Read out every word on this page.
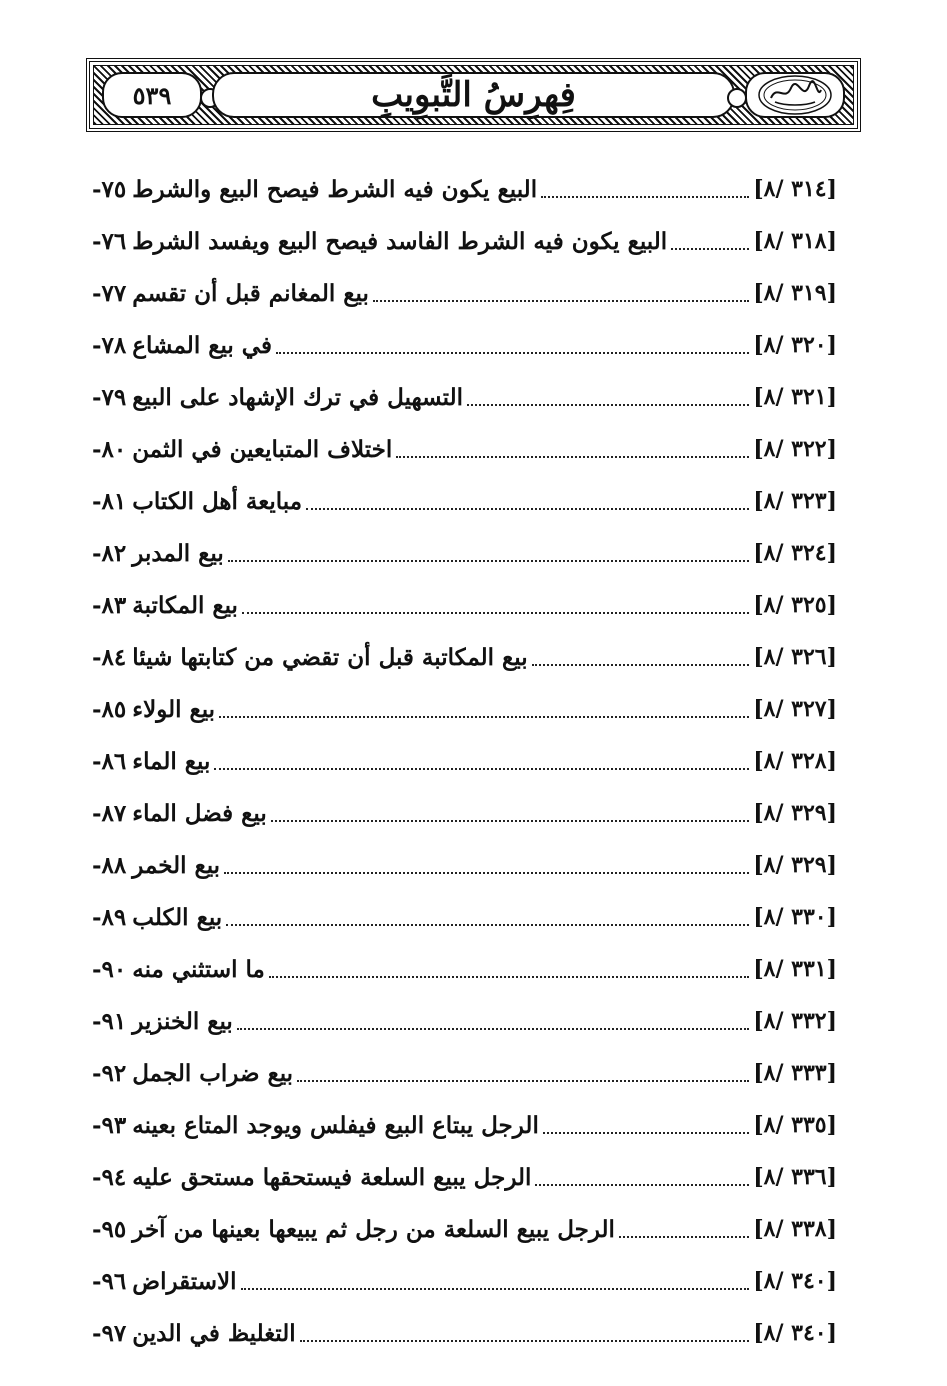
٥٣٩	فِهرِسُ التَّبوِيبِ
٧٥- البيع يكون فيه الشرط فيصح البيع والشرط	[٨/ ٣١٤]
٧٦- البيع يكون فيه الشرط الفاسد فيصح البيع ويفسد الشرط	[٨/ ٣١٨]
٧٧- بيع المغانم قبل أن تقسم	[٨/ ٣١٩]
٧٨- في بيع المشاع	[٨/ ٣٢٠]
٧٩- التسهيل في ترك الإشهاد على البيع	[٨/ ٣٢١]
٨٠- اختلاف المتبايعين في الثمن	[٨/ ٣٢٢]
٨١- مبايعة أهل الكتاب	[٨/ ٣٢٣]
٨٢- بيع المدبر	[٨/ ٣٢٤]
٨٣- بيع المكاتبة	[٨/ ٣٢٥]
٨٤- بيع المكاتبة قبل أن تقضي من كتابتها شيئا	[٨/ ٣٢٦]
٨٥- بيع الولاء	[٨/ ٣٢٧]
٨٦- بيع الماء	[٨/ ٣٢٨]
٨٧- بيع فضل الماء	[٨/ ٣٢٩]
٨٨- بيع الخمر	[٨/ ٣٢٩]
٨٩- بيع الكلب	[٨/ ٣٣٠]
٩٠- ما استثني منه	[٨/ ٣٣١]
٩١- بيع الخنزير	[٨/ ٣٣٢]
٩٢- بيع ضراب الجمل	[٨/ ٣٣٣]
٩٣- الرجل يبتاع البيع فيفلس ويوجد المتاع بعينه	[٨/ ٣٣٥]
٩٤- الرجل يبيع السلعة فيستحقها مستحق عليه	[٨/ ٣٣٦]
٩٥- الرجل يبيع السلعة من رجل ثم يبيعها بعينها من آخر	[٨/ ٣٣٨]
٩٦- الاستقراض	[٨/ ٣٤٠]
٩٧- التغليظ في الدين	[٨/ ٣٤٠]
